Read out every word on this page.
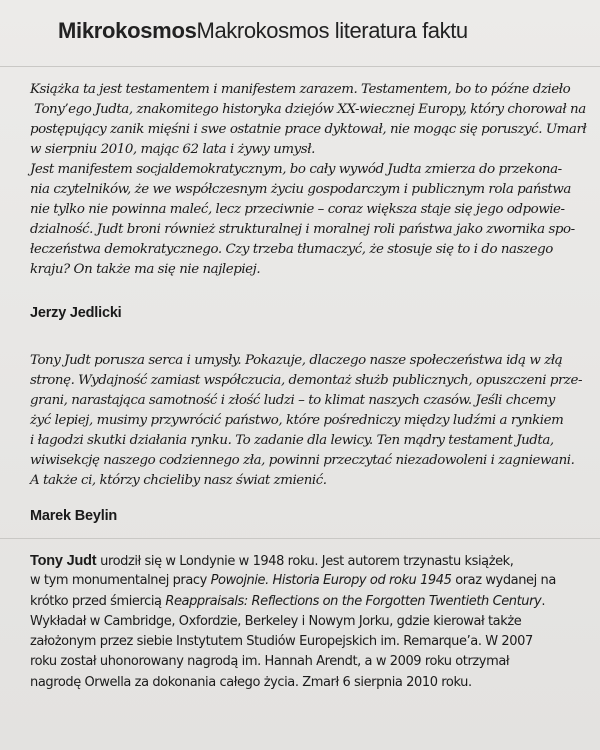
MikrokosmosMakrokosmos literatura faktu
Książka ta jest testamentem i manifestem zarazem. Testamentem, bo to późne dzieło
Tony’ego Judta, znakomitego historyka dziejów XX-wiecznej Europy, który chorował na
postępujący zanik mięśni i swe ostatnie prace dyktował, nie mogąc się poruszyć. Umarł
w sierpniu 2010, mając 62 lata i żywy umysł.
Jest manifestem socjaldemokratycznym, bo cały wywód Judta zmierza do przekona-
nia czytelników, że we współczesnym życiu gospodarczym i publicznym rola państwa
nie tylko nie powinna maleć, lecz przeciwnie – coraz większa staje się jego odpowie-
dzialność. Judt broni również strukturalnej i moralnej roli państwa jako zwornika spo-
łeczeństwa demokratycznego. Czy trzeba tłumaczyć, że stosuje się to i do naszego
kraju? On także ma się nie najlepiej.
Jerzy Jedlicki
Tony Judt porusza serca i umysły. Pokazuje, dlaczego nasze społeczeństwa idą w złą
stronę. Wydajność zamiast współczucia, demontaż służb publicznych, opuszczeni prze-
grani, narastająca samotność i złość ludzi – to klimat naszych czasów. Jeśli chcemy
żyć lepiej, musimy przywrócić państwo, które pośredniczy między ludźmi a rynkiem
i łagodzi skutki działania rynku. To zadanie dla lewicy. Ten mądry testament Judta,
wiwisekcję naszego codziennego zła, powinni przeczytać niezadowoleni i zagniewani.
A także ci, którzy chcieliby nasz świat zmienić.
Marek Beylin
Tony Judt urodził się w Londynie w 1948 roku. Jest autorem trzynastu książek,
w tym monumentalnej pracy Powojnie. Historia Europy od roku 1945 oraz wydanej na
krótko przed śmiercią Reappraisals: Reflections on the Forgotten Twentieth Century.
Wykładał w Cambridge, Oxfordzie, Berkeley i Nowym Jorku, gdzie kierował także
założonym przez siebie Instytutem Studiów Europejskich im. Remarque’a. W 2007
roku został uhonorowany nagrodą im. Hannah Arendt, a w 2009 roku otrzymał
nagrodę Orwella za dokonania całego życia. Zmarł 6 sierpnia 2010 roku.
